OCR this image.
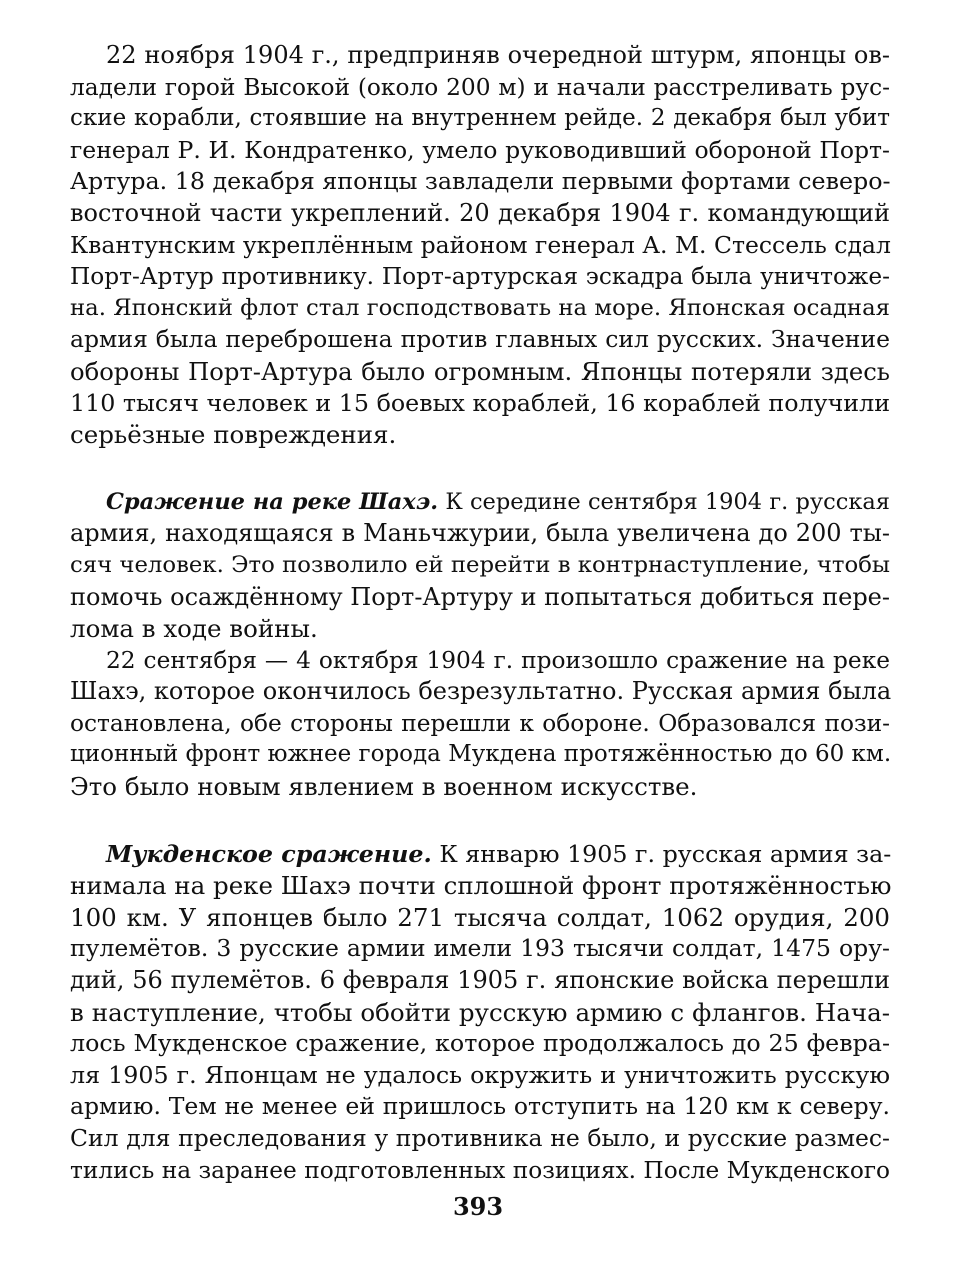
22 ноября 1904 г., предприняв очередной штурм, японцы ов-
ладели горой Высокой (около 200 м) и начали расстреливать рус-
ские корабли, стоявшие на внутреннем рейде. 2 декабря был убит
генерал Р. И. Кондратенко, умело руководивший обороной Порт-
Артура. 18 декабря японцы завладели первыми фортами северо-
восточной части укреплений. 20 декабря 1904 г. командующий
Квантунским укреплённым районом генерал А. М. Стессель сдал
Порт-Артур противнику. Порт-артурская эскадра была уничтоже-
на. Японский флот стал господствовать на море. Японская осадная
армия была переброшена против главных сил русских. Значение
обороны Порт-Артура было огромным. Японцы потеряли здесь
110 тысяч человек и 15 боевых кораблей, 16 кораблей получили
серьёзные повреждения.
Сражение на реке Шахэ. К середине сентября 1904 г. русская
армия, находящаяся в Маньчжурии, была увеличена до 200 ты-
сяч человек. Это позволило ей перейти в контрнаступление, чтобы
помочь осаждённому Порт-Артуру и попытаться добиться пере-
лома в ходе войны.
22 сентября — 4 октября 1904 г. произошло сражение на реке
Шахэ, которое окончилось безрезультатно. Русская армия была
остановлена, обе стороны перешли к обороне. Образовался пози-
ционный фронт южнее города Мукдена протяжённостью до 60 км.
Это было новым явлением в военном искусстве.
Мукденское сражение. К январю 1905 г. русская армия за-
нимала на реке Шахэ почти сплошной фронт протяжённостью
100 км. У японцев было 271 тысяча солдат, 1062 орудия, 200
пулемётов. 3 русские армии имели 193 тысячи солдат, 1475 ору-
дий, 56 пулемётов. 6 февраля 1905 г. японские войска перешли
в наступление, чтобы обойти русскую армию с флангов. Нача-
лось Мукденское сражение, которое продолжалось до 25 февра-
ля 1905 г. Японцам не удалось окружить и уничтожить русскую
армию. Тем не менее ей пришлось отступить на 120 км к северу.
Сил для преследования у противника не было, и русские размес-
тились на заранее подготовленных позициях. После Мукденского
393
